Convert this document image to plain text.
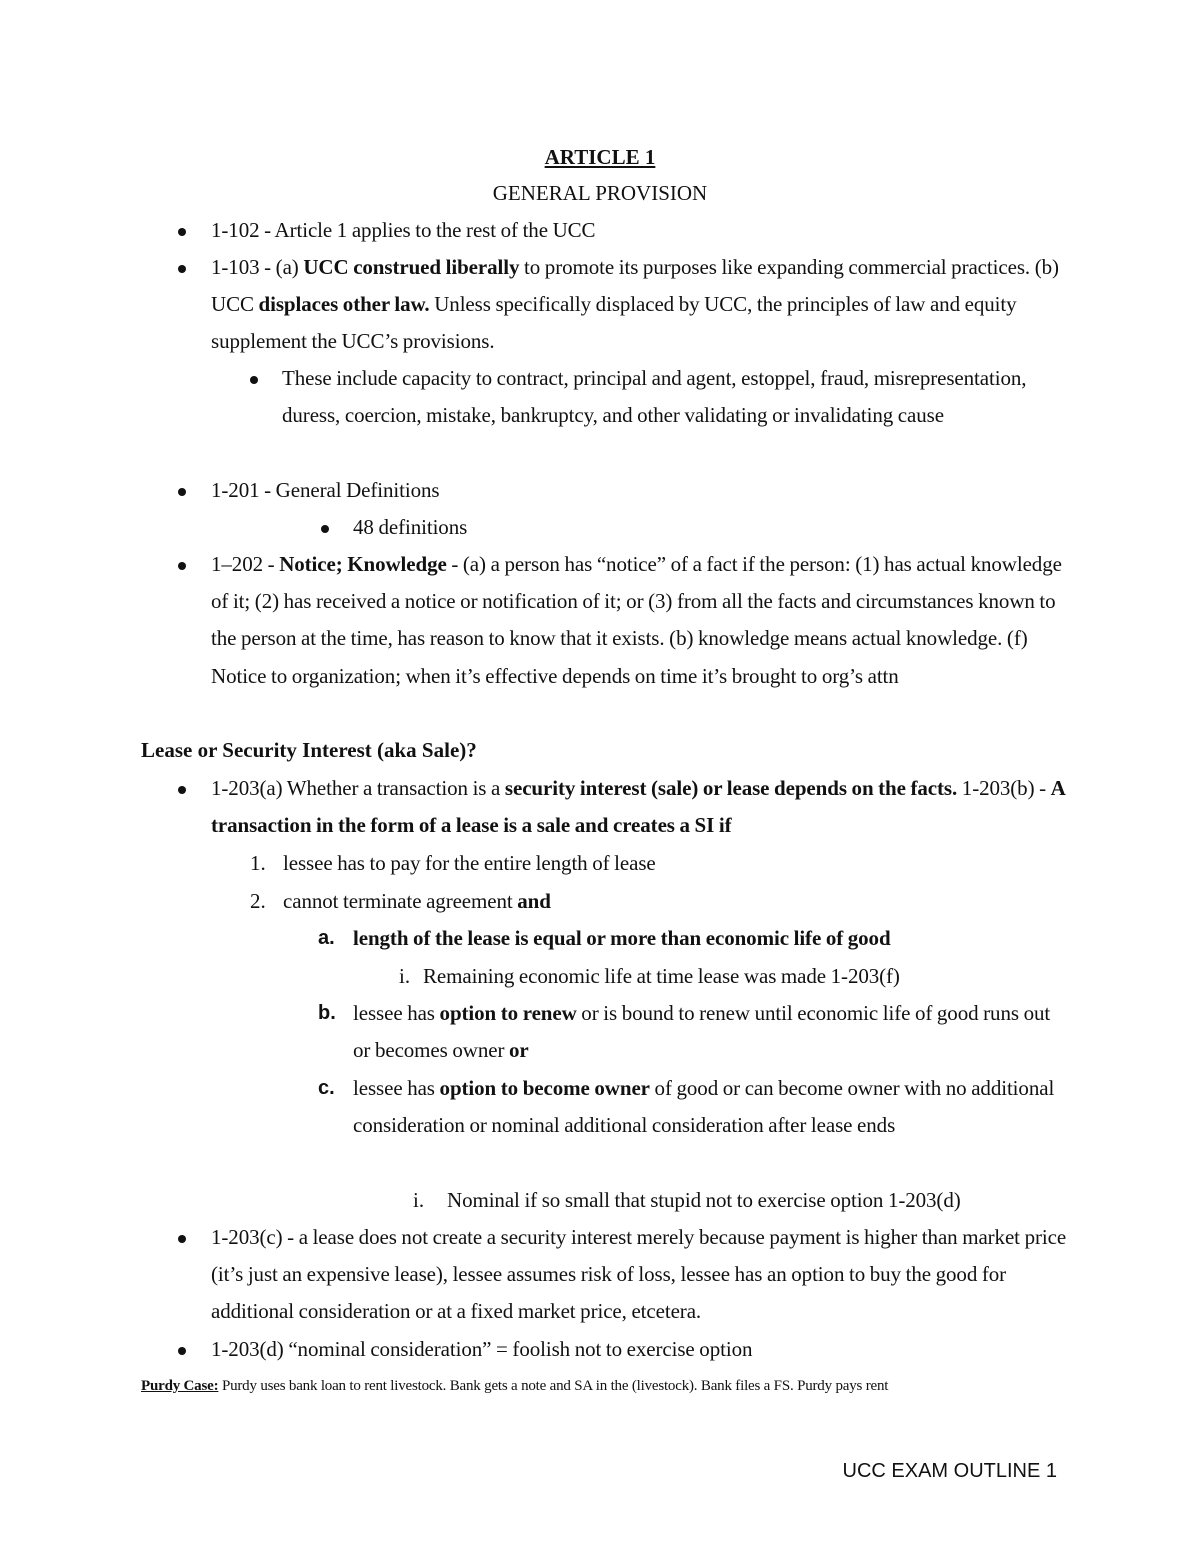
ARTICLE 1
GENERAL PROVISION
1-102 - Article 1 applies to the rest of the UCC
1-103 - (a) UCC construed liberally to promote its purposes like expanding commercial practices. (b) UCC displaces other law. Unless specifically displaced by UCC, the principles of law and equity supplement the UCC’s provisions.
These include capacity to contract, principal and agent, estoppel, fraud, misrepresentation, duress, coercion, mistake, bankruptcy, and other validating or invalidating cause
1-201 - General Definitions
48 definitions
1–202 - Notice; Knowledge - (a) a person has “notice” of a fact if the person: (1) has actual knowledge of it; (2) has received a notice or notification of it; or (3) from all the facts and circumstances known to the person at the time, has reason to know that it exists. (b) knowledge means actual knowledge. (f) Notice to organization; when it’s effective depends on time it’s brought to org’s attn
Lease or Security Interest (aka Sale)?
1-203(a) Whether a transaction is a security interest (sale) or lease depends on the facts. 1-203(b) - A transaction in the form of a lease is a sale and creates a SI if
1. lessee has to pay for the entire length of lease
2. cannot terminate agreement and
a. length of the lease is equal or more than economic life of good
i. Remaining economic life at time lease was made 1-203(f)
b. lessee has option to renew or is bound to renew until economic life of good runs out or becomes owner or
c. lessee has option to become owner of good or can become owner with no additional consideration or nominal additional consideration after lease ends
i. Nominal if so small that stupid not to exercise option 1-203(d)
1-203(c) - a lease does not create a security interest merely because payment is higher than market price (it’s just an expensive lease), lessee assumes risk of loss, lessee has an option to buy the good for additional consideration or at a fixed market price, etcetera.
1-203(d) “nominal consideration” = foolish not to exercise option
Purdy Case: Purdy uses bank loan to rent livestock. Bank gets a note and SA in the (livestock). Bank files a FS. Purdy pays rent
UCC EXAM OUTLINE 1
